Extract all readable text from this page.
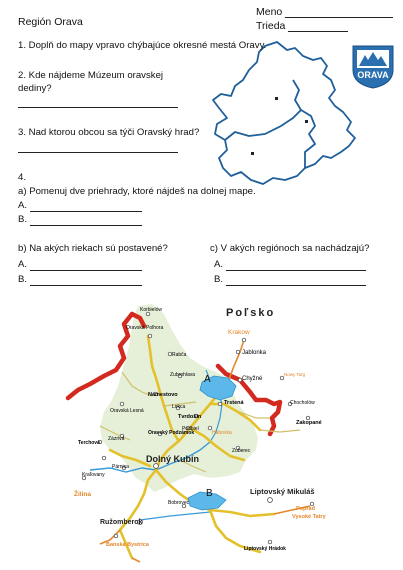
Región Orava
Meno
Trieda
ORAVA
1. Doplň do mapy vpravo chýbajúce okresné mestá Oravy.
2. Kde nájdeme Múzeum oravskej
dediny?
3. Nad ktorou obcou sa týči Oravský hrad?
4.
a) Pomenuj dve priehrady, ktoré nájdeš na dolnej mape.
A.
B.
b) Na akých riekach sú postavené?
A.
B.
c) V akých regiónoch sa nachádzajú?
A.
B.
A
B
Poľsko
Korbielów
Oravská Polhora
Rabča
Krakow
Jablonka
Zubrohlava
Chyžné
Nowy Targ
Námestovo
Trstená	Chocholów
Zakopané
Oravská Lesná
Lokca
Tvrdošín
Podbiel
Habovka
Oravský Podzámok
Zuberec
Terchová
Zázrivá
Dolný Kubín
Kraľovany
Žilina
Párnica
Liptovský Mikuláš
Poprad
Vysoké Tatry
Ružomberok
Banská Bystrica
Liptovský Hrádok
Bobrovec
